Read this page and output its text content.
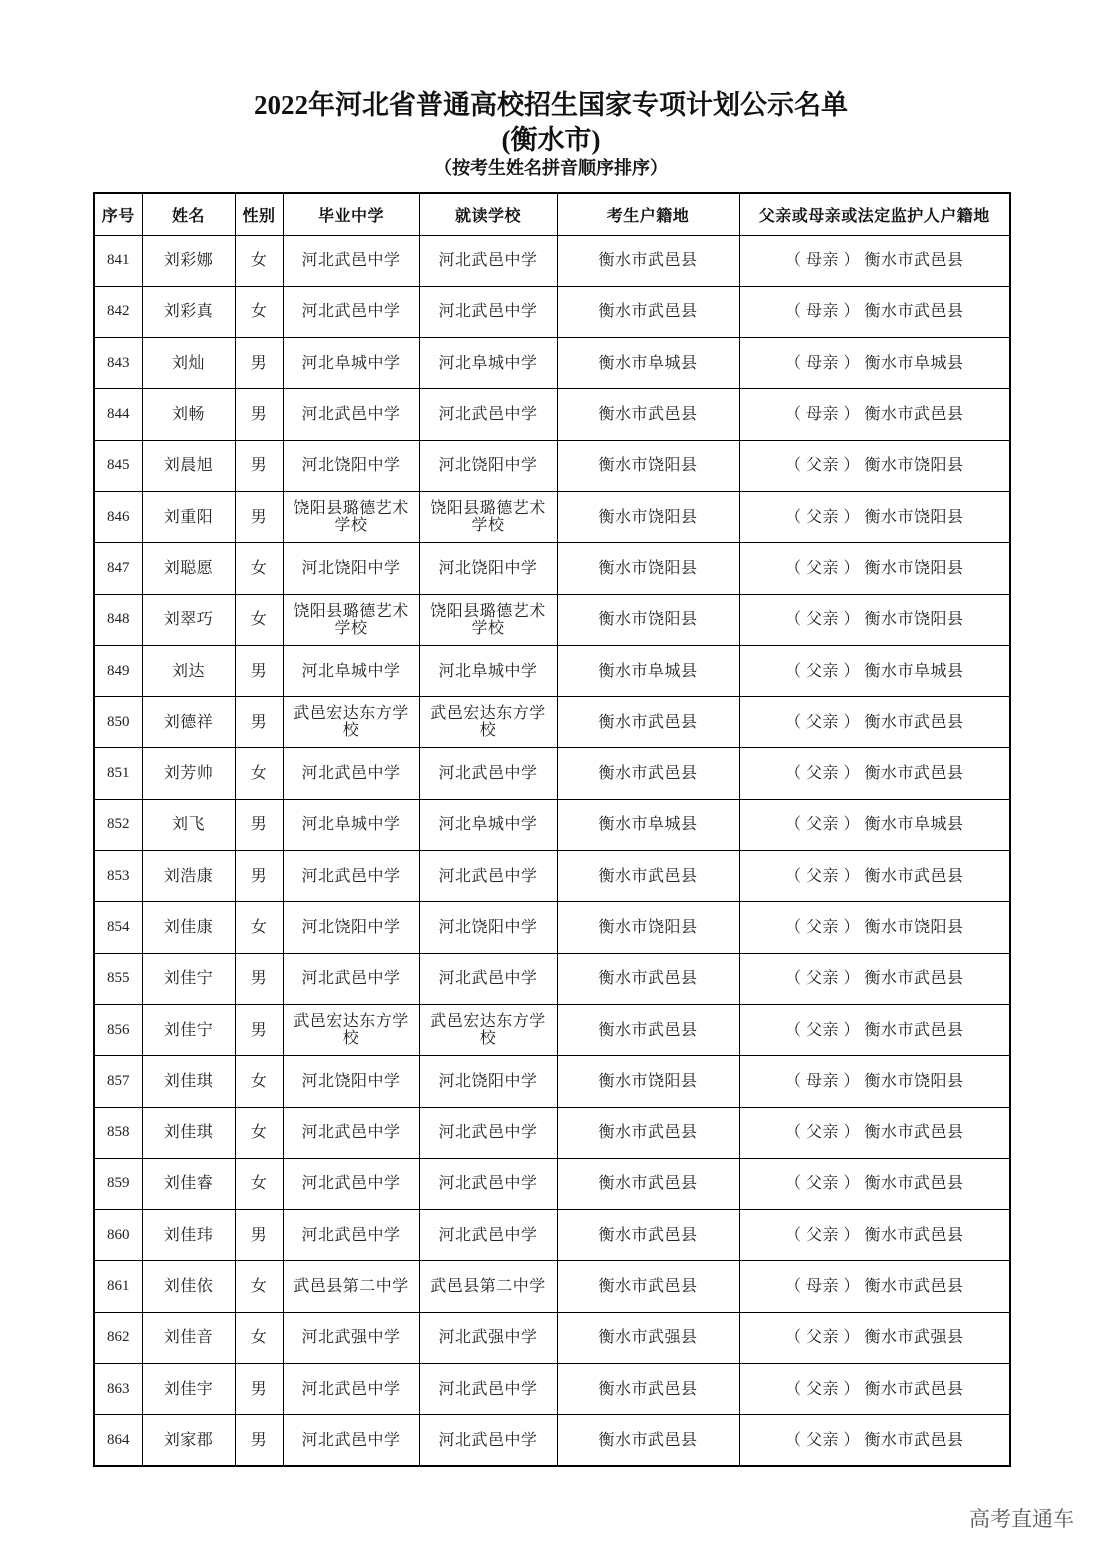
2022年河北省普通高校招生国家专项计划公示名单
(衡水市)
（按考生姓名拼音顺序排序）
序号	姓名	性别	毕业中学	就读学校	考生户籍地	父亲或母亲或法定监护人户籍地
841	刘彩娜	女	河北武邑中学	河北武邑中学	衡水市武邑县	（ 母亲 ） 衡水市武邑县
842	刘彩真	女	河北武邑中学	河北武邑中学	衡水市武邑县	（ 母亲 ） 衡水市武邑县
843	刘灿	男	河北阜城中学	河北阜城中学	衡水市阜城县	（ 母亲 ） 衡水市阜城县
844	刘畅	男	河北武邑中学	河北武邑中学	衡水市武邑县	（ 母亲 ） 衡水市武邑县
845	刘晨旭	男	河北饶阳中学	河北饶阳中学	衡水市饶阳县	（ 父亲 ） 衡水市饶阳县
846	刘重阳	男	饶阳县璐德艺术学校	饶阳县璐德艺术学校	衡水市饶阳县	（ 父亲 ） 衡水市饶阳县
847	刘聪愿	女	河北饶阳中学	河北饶阳中学	衡水市饶阳县	（ 父亲 ） 衡水市饶阳县
848	刘翠巧	女	饶阳县璐德艺术学校	饶阳县璐德艺术学校	衡水市饶阳县	（ 父亲 ） 衡水市饶阳县
849	刘达	男	河北阜城中学	河北阜城中学	衡水市阜城县	（ 父亲 ） 衡水市阜城县
850	刘德祥	男	武邑宏达东方学校	武邑宏达东方学校	衡水市武邑县	（ 父亲 ） 衡水市武邑县
851	刘芳帅	女	河北武邑中学	河北武邑中学	衡水市武邑县	（ 父亲 ） 衡水市武邑县
852	刘飞	男	河北阜城中学	河北阜城中学	衡水市阜城县	（ 父亲 ） 衡水市阜城县
853	刘浩康	男	河北武邑中学	河北武邑中学	衡水市武邑县	（ 父亲 ） 衡水市武邑县
854	刘佳康	女	河北饶阳中学	河北饶阳中学	衡水市饶阳县	（ 父亲 ） 衡水市饶阳县
855	刘佳宁	男	河北武邑中学	河北武邑中学	衡水市武邑县	（ 父亲 ） 衡水市武邑县
856	刘佳宁	男	武邑宏达东方学校	武邑宏达东方学校	衡水市武邑县	（ 父亲 ） 衡水市武邑县
857	刘佳琪	女	河北饶阳中学	河北饶阳中学	衡水市饶阳县	（ 母亲 ） 衡水市饶阳县
858	刘佳琪	女	河北武邑中学	河北武邑中学	衡水市武邑县	（ 父亲 ） 衡水市武邑县
859	刘佳睿	女	河北武邑中学	河北武邑中学	衡水市武邑县	（ 父亲 ） 衡水市武邑县
860	刘佳玮	男	河北武邑中学	河北武邑中学	衡水市武邑县	（ 父亲 ） 衡水市武邑县
861	刘佳依	女	武邑县第二中学	武邑县第二中学	衡水市武邑县	（ 母亲 ） 衡水市武邑县
862	刘佳音	女	河北武强中学	河北武强中学	衡水市武强县	（ 父亲 ） 衡水市武强县
863	刘佳宇	男	河北武邑中学	河北武邑中学	衡水市武邑县	（ 父亲 ） 衡水市武邑县
864	刘家郡	男	河北武邑中学	河北武邑中学	衡水市武邑县	（ 父亲 ） 衡水市武邑县
高考直通车
